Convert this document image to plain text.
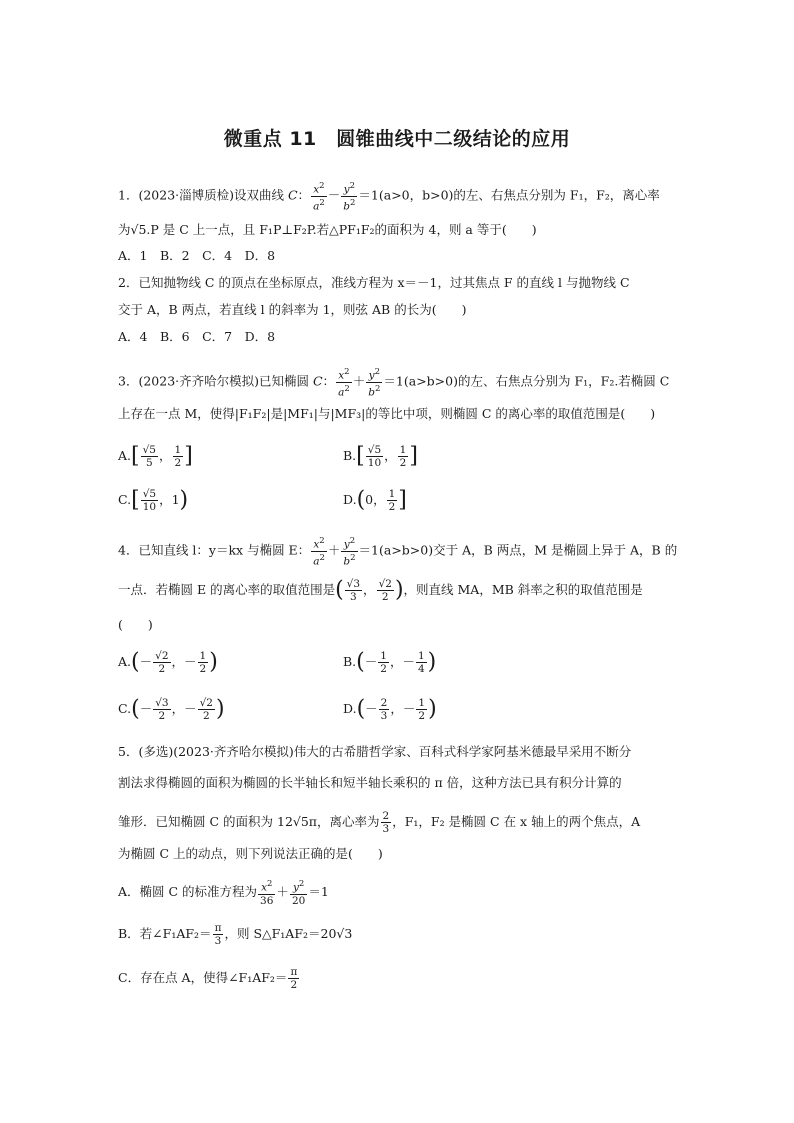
微重点 11　圆锥曲线中二级结论的应用
1．(2023·淄博质检)设双曲线 C： $\frac{x^2}{a^2} - \frac{y^2}{b^2} =1(a>0$，b>0)的左、右焦点分别为 F₁，F₂，离心率
为√5.P 是 C 上一点，且 F₁P⊥F₂P.若△PF₁F₂的面积为 4，则 a 等于(　　)
A．1　B．2　C．4　D．8
2．已知抛物线 C 的顶点在坐标原点，准线方程为 x＝－1，过其焦点 F 的直线 l 与抛物线 C
交于 A，B 两点，若直线 l 的斜率为 1，则弦 AB 的长为(　　)
A．4　B．6　C．7　D．8
3．(2023·齐齐哈尔模拟)已知椭圆 C： $\frac{x^2}{a^2} + \frac{y^2}{b^2} =1(a>b>0)$的左、右焦点分别为 F₁，F₂.若椭圆 C
上存在一点 M，使得|F₁F₂|是|MF₁|与|MF₃|的等比中项，则椭圆 C 的离心率的取值范围是(　　)
$A.[ \frac{√5}{5}$ ， $\frac{1}{2}$ ]	$B.[ \frac{√5}{10}$ ， $\frac{1}{2}$ ]
$C.[ \frac{√5}{10}$ ，1)	D.(0， $\frac{1}{2}$ ]
4．已知直线 l：y＝kx 与椭圆 E： $\frac{x^2}{a^2} + \frac{y^2}{b^2} =1(a>b>0)$交于 A，B 两点，M 是椭圆上异于 A，B 的
一点．若椭圆 E 的离心率的取值范围是( $\frac{√3}{3}$ ， $\frac{√2}{2}$ )，则直线 MA，MB 斜率之积的取值范围是
(　　)
$A.(- \frac{√2}{2}$ ，－ $\frac{1}{2}$ )	$B.(- \frac{1}{2}$ ，－ $\frac{1}{4}$ )
$C.(- \frac{√3}{2}$ ，－ $\frac{√2}{2}$ )	$D.(- \frac{2}{3}$ ，－ $\frac{1}{2}$ )
5．(多选)(2023·齐齐哈尔模拟)伟大的古希腊哲学家、百科式科学家阿基米德最早采用不断分
割法求得椭圆的面积为椭圆的长半轴长和短半轴长乘积的 π 倍，这种方法已具有积分计算的
雏形．已知椭圆 C 的面积为 12√5π，离心率为 $\frac{2}{3}$ ，F₁，F₂ 是椭圆 C 在 x 轴上的两个焦点，A
为椭圆 C 上的动点，则下列说法正确的是(　　)
A．椭圆 C 的标准方程为 $\frac{x^2}{36} + \frac{y^2}{20} =1$
B．若∠F₁AF₂＝ $\frac{\pi}{3}$ ，则 S△F₁AF₂＝20√3
C．存在点 A，使得∠F₁AF₂＝ $\frac{\pi}{2}$
